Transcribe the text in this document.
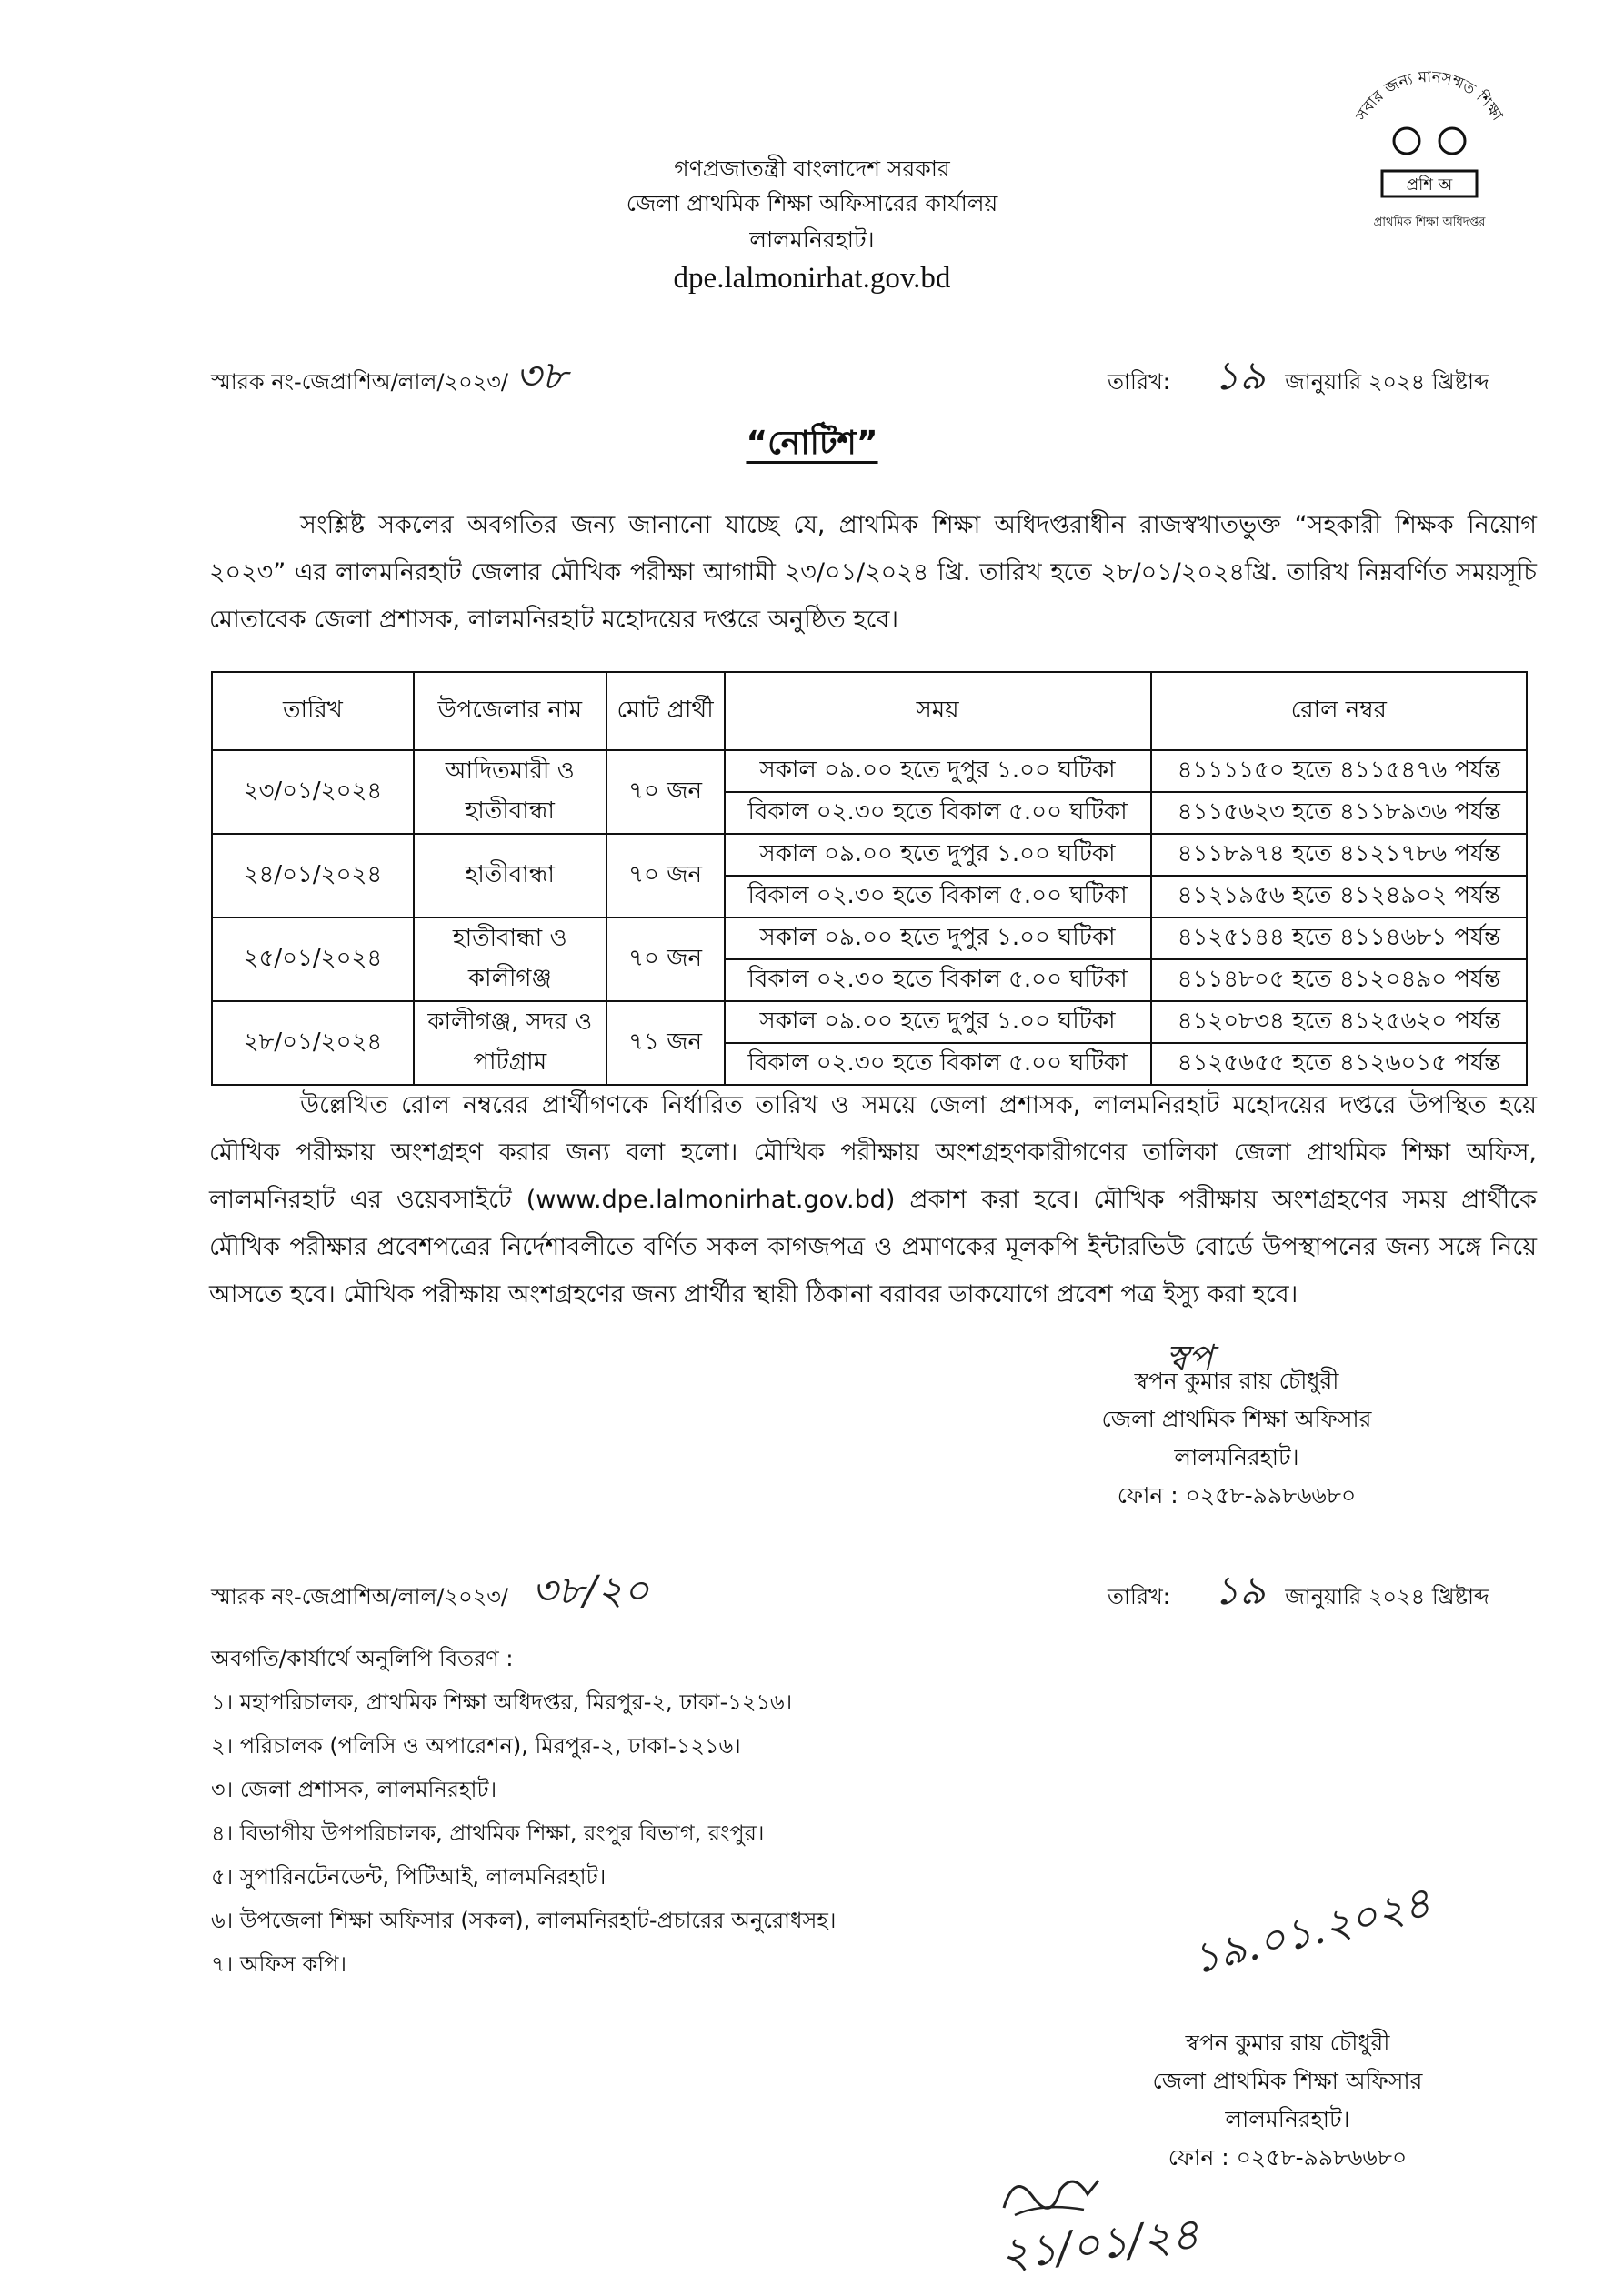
সবার জন্য মানসম্মত শিক্ষা
প্রশি অ
প্রাথমিক শিক্ষা অধিদপ্তর
গণপ্রজাতন্ত্রী বাংলাদেশ সরকার
জেলা প্রাথমিক শিক্ষা অফিসারের কার্যালয়
লালমনিরহাট।
dpe.lalmonirhat.gov.bd
স্মারক নং-জেপ্রাশিঅ/লাল/২০২৩/ ৩৮	তারিখ: ১৯ জানুয়ারি ২০২৪ খ্রিষ্টাব্দ
“নোটিশ”
সংশ্লিষ্ট সকলের অবগতির জন্য জানানো যাচ্ছে যে, প্রাথমিক শিক্ষা অধিদপ্তরাধীন রাজস্বখাতভুক্ত “সহকারী শিক্ষক নিয়োগ ২০২৩” এর লালমনিরহাট জেলার মৌখিক পরীক্ষা আগামী ২৩/০১/২০২৪ খ্রি. তারিখ হতে ২৮/০১/২০২৪খ্রি. তারিখ নিম্নবর্ণিত সময়সূচি মোতাবেক জেলা প্রশাসক, লালমনিরহাট মহোদয়ের দপ্তরে অনুষ্ঠিত হবে।
তারিখ	উপজেলার নাম	মোট প্রার্থী	সময়	রোল নম্বর
২৩/০১/২০২৪	আদিতমারী ও হাতীবান্ধা	৭০ জন	সকাল ০৯.০০ হতে দুপুর ১.০০ ঘটিকা	৪১১১১৫০ হতে ৪১১৫৪৭৬ পর্যন্ত
			বিকাল ০২.৩০ হতে বিকাল ৫.০০ ঘটিকা	৪১১৫৬২৩ হতে ৪১১৮৯৩৬ পর্যন্ত
২৪/০১/২০২৪	হাতীবান্ধা	৭০ জন	সকাল ০৯.০০ হতে দুপুর ১.০০ ঘটিকা	৪১১৮৯৭৪ হতে ৪১২১৭৮৬ পর্যন্ত
			বিকাল ০২.৩০ হতে বিকাল ৫.০০ ঘটিকা	৪১২১৯৫৬ হতে ৪১২৪৯০২ পর্যন্ত
২৫/০১/২০২৪	হাতীবান্ধা ও কালীগঞ্জ	৭০ জন	সকাল ০৯.০০ হতে দুপুর ১.০০ ঘটিকা	৪১২৫১৪৪ হতে ৪১১৪৬৮১ পর্যন্ত
			বিকাল ০২.৩০ হতে বিকাল ৫.০০ ঘটিকা	৪১১৪৮০৫ হতে ৪১২০৪৯০ পর্যন্ত
২৮/০১/২০২৪	কালীগঞ্জ, সদর ও পাটগ্রাম	৭১ জন	সকাল ০৯.০০ হতে দুপুর ১.০০ ঘটিকা	৪১২০৮৩৪ হতে ৪১২৫৬২০ পর্যন্ত
			বিকাল ০২.৩০ হতে বিকাল ৫.০০ ঘটিকা	৪১২৫৬৫৫ হতে ৪১২৬০১৫ পর্যন্ত
উল্লেখিত রোল নম্বরের প্রার্থীগণকে নির্ধারিত তারিখ ও সময়ে জেলা প্রশাসক, লালমনিরহাট মহোদয়ের দপ্তরে উপস্থিত হয়ে মৌখিক পরীক্ষায় অংশগ্রহণ করার জন্য বলা হলো। মৌখিক পরীক্ষায় অংশগ্রহণকারীগণের তালিকা জেলা প্রাথমিক শিক্ষা অফিস, লালমনিরহাট এর ওয়েবসাইটে (www.dpe.lalmonirhat.gov.bd) প্রকাশ করা হবে। মৌখিক পরীক্ষায় অংশগ্রহণের সময় প্রার্থীকে মৌখিক পরীক্ষার প্রবেশপত্রের নির্দেশাবলীতে বর্ণিত সকল কাগজপত্র ও প্রমাণকের মূলকপি ইন্টারভিউ বোর্ডে উপস্থাপনের জন্য সঙ্গে নিয়ে আসতে হবে। মৌখিক পরীক্ষায় অংশগ্রহণের জন্য প্রার্থীর স্থায়ী ঠিকানা বরাবর ডাকযোগে প্রবেশ পত্র ইস্যু করা হবে।
স্বপ
স্বপন কুমার রায় চৌধুরী
জেলা প্রাথমিক শিক্ষা অফিসার
লালমনিরহাট।
ফোন : ০২৫৮-৯৯৮৬৬৮০
স্মারক নং-জেপ্রাশিঅ/লাল/২০২৩/ ৩৮/২০	তারিখ: ১৯ জানুয়ারি ২০২৪ খ্রিষ্টাব্দ
অবগতি/কার্যার্থে অনুলিপি বিতরণ :
১। মহাপরিচালক, প্রাথমিক শিক্ষা অধিদপ্তর, মিরপুর-২, ঢাকা-১২১৬।
২। পরিচালক (পলিসি ও অপারেশন), মিরপুর-২, ঢাকা-১২১৬।
৩। জেলা প্রশাসক, লালমনিরহাট।
৪। বিভাগীয় উপপরিচালক, প্রাথমিক শিক্ষা, রংপুর বিভাগ, রংপুর।
৫। সুপারিনটেনডেন্ট, পিটিআই, লালমনিরহাট।
৬। উপজেলা শিক্ষা অফিসার (সকল), লালমনিরহাট-প্রচারের অনুরোধসহ।
৭। অফিস কপি।	১৯.০১.২০২৪
স্বপন কুমার রায় চৌধুরী
জেলা প্রাথমিক শিক্ষা অফিসার
লালমনিরহাট।
ফোন : ০২৫৮-৯৯৮৬৬৮০
২১/০১/২৪
